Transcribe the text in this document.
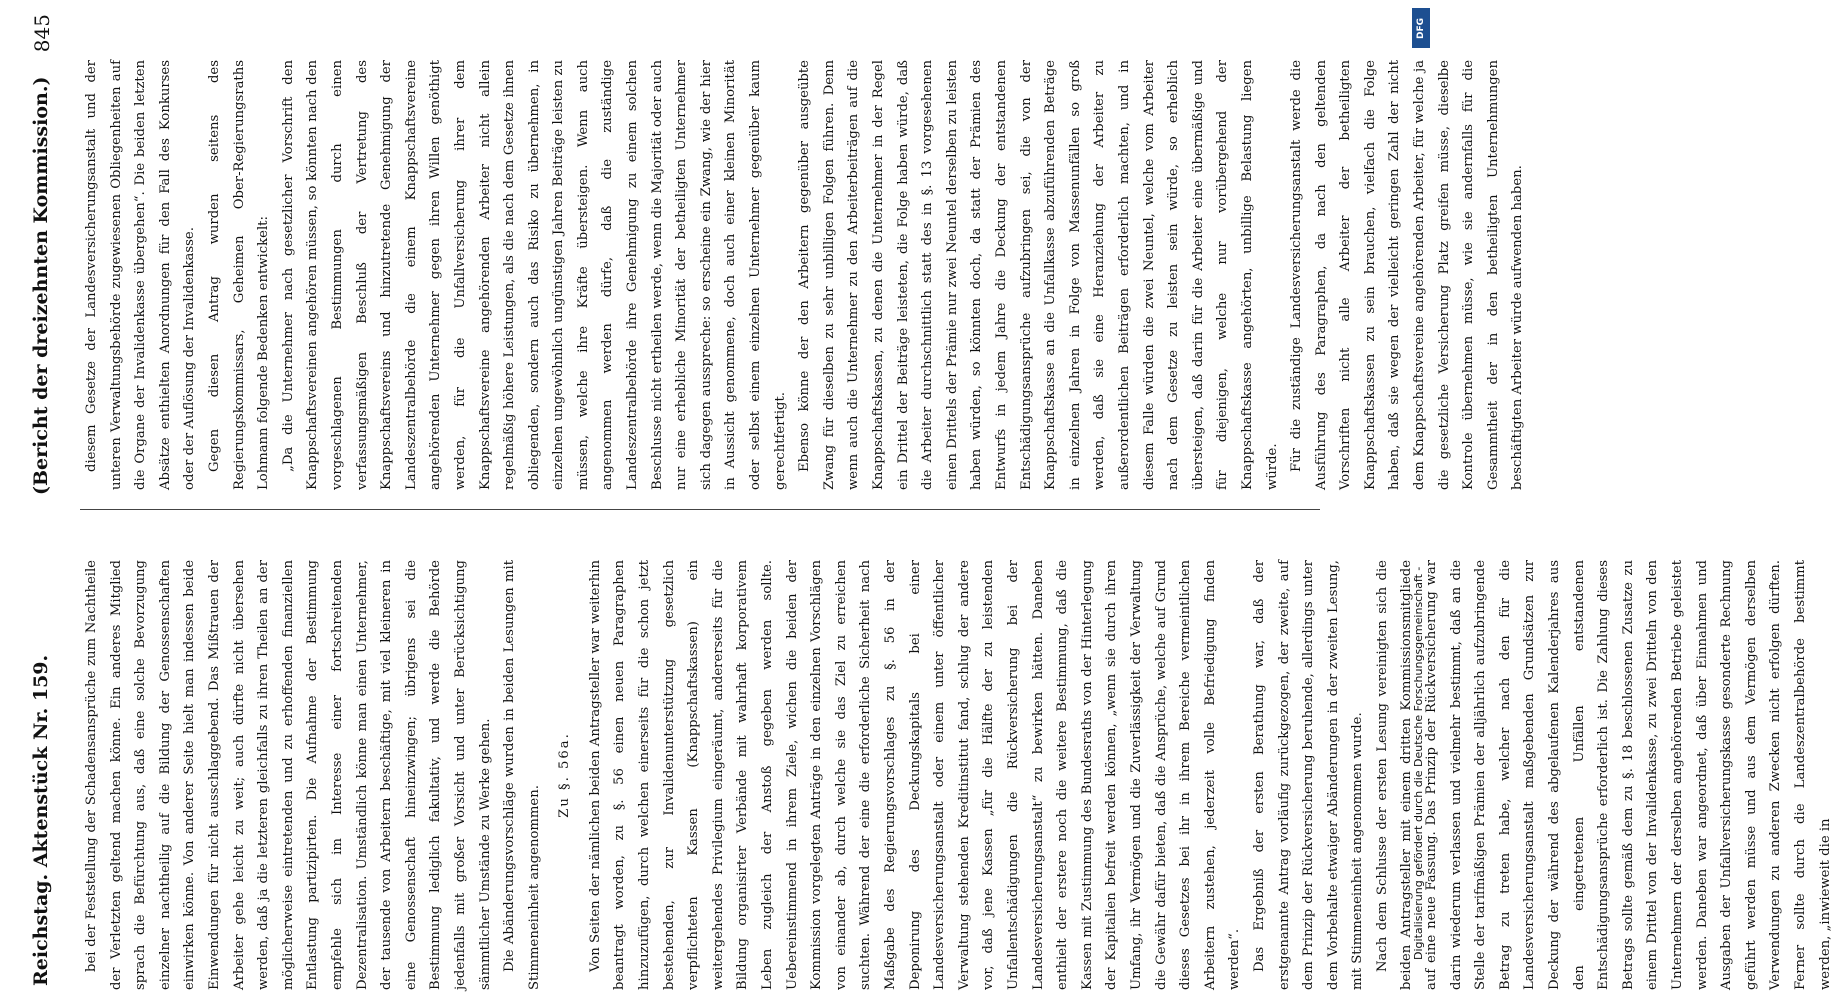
Reichstag. Aktenstück Nr. 159.
(Bericht der dreizehnten Kommission.)
845

bei der Feststellung der Schadensansprüche zum Nachtheile der Verletzten geltend machen könne. Ein anderes Mitglied sprach die Befürchtung aus, daß eine solche Bevorzugung einzelner nachtheilig auf die Bildung der Genossenschaften einwirken könne. Von anderer Seite hielt man indessen beide Einwendungen für nicht ausschlaggebend. Das Mißtrauen der Arbeiter gehe leicht zu weit; auch dürfte nicht übersehen werden, daß ja die letzteren gleichfalls zu ihren Theilen an der möglicherweise eintretenden und zu erhoffenden finanziellen Entlastung partizipirten. Die Aufnahme der Bestimmung empfehle sich im Interesse einer fortschreitenden Dezentralisation. Umständlich könne man einen Unternehmer, der tausende von Arbeitern beschäftige, mit viel kleineren in eine Genossenschaft hineinzwingen; übrigens sei die Bestimmung lediglich fakultativ, und werde die Behörde jedenfalls mit großer Vorsicht und unter Berücksichtigung sämmtlicher Umstände zu Werke gehen. Die Abänderungsvorschläge wurden in beiden Lesungen mit Stimmeneinheit angenommen.

Zu §. 56a.	Von Seiten der nämlichen beiden Antragsteller war weiterhin beantragt worden, zu §. 56 einen neuen Paragraphen hinzuzufügen, durch welchen einerseits für die schon jetzt bestehenden, zur Invalidenunterstützung gesetzlich verpflichteten Kassen (Knappschaftskassen) ein weitergehendes Privilegium eingeräumt, andererseits für die Bildung organisirter Verbände mit wahrhaft korporativem Leben zugleich der Anstoß gegeben werden sollte. Uebereinstimmend in ihrem Ziele, wichen die beiden der Kommission vorgelegten Anträge in den einzelnen Vorschlägen von einander ab, durch welche sie das Ziel zu erreichen suchten. Während der eine die erforderliche Sicherheit nach Maßgabe des Regierungsvorschlages zu §. 56 in der Deponirung des Deckungskapitals bei einer Landesversicherungsanstalt oder einem unter öffentlicher Verwaltung stehenden Kreditinstitut fand, schlug der andere vor, daß jene Kassen „für die Hälfte der zu leistenden Unfallentschädigungen die Rückversicherung bei der Landesversicherungsanstalt“ zu bewirken hätten. Daneben enthielt der erstere noch die weitere Bestimmung, daß die Kassen mit Zustimmung des Bundesraths von der Hinterlegung der Kapitalien befreit werden können, „wenn sie durch ihren Umfang, ihr Vermögen und die Zuverlässigkeit der Verwaltung die Gewähr dafür bieten, daß die Ansprüche, welche auf Grund dieses Gesetzes bei ihr in ihrem Bereiche vermeintlichen Arbeitern zustehen, jederzeit volle Befriedigung finden werden“. Das Ergebniß der ersten Berathung war, daß der erstgenannte Antrag vorläufig zurückgezogen, der zweite, auf dem Prinzip der Rückversicherung beruhende, allerdings unter dem Vorbehalte etwaiger Abänderungen in der zweiten Lesung, mit Stimmeneinheit angenommen wurde. Nach dem Schlusse der ersten Lesung vereinigten sich die beiden Antragsteller mit einem dritten Kommissionsmitgliede auf eine neue Fassung. Das Prinzip der Rückversicherung war darin wiederum verlassen und vielmehr bestimmt, daß an die Stelle der tarifmäßigen Prämien der alljährlich aufzubringende Betrag zu treten habe, welcher nach den für die Landesversicherungsanstalt maßgebenden Grundsätzen zur Deckung der während des abgelaufenen Kalenderjahres aus den eingetretenen Unfällen entstandenen Entschädigungsansprüche erforderlich ist. Die Zahlung dieses Betrags sollte gemäß dem zu §. 18 beschlossenen Zusatze zu einem Drittel von der Invalidenkasse, zu zwei Dritteln von den Unternehmern der derselben angehörenden Betriebe geleistet werden. Daneben war angeordnet, daß über Einnahmen und Ausgaben der Unfallversicherungskasse gesonderte Rechnung geführt werden müsse und aus dem Vermögen derselben Verwendungen zu anderen Zwecken nicht erfolgen dürften. Ferner sollte durch die Landeszentralbehörde bestimmt werden, „inwieweit die in

diesem Gesetze der Landesversicherungsanstalt und der unteren Verwaltungsbehörde zugewiesenen Obliegenheiten auf die Organe der Invalidenkasse übergehen“. Die beiden letzten Absätze enthielten Anordnungen für den Fall des Konkurses oder der Auflösung der Invalidenkasse. Gegen diesen Antrag wurden seitens des Regierungskommissars, Geheimen Ober-Regierungsraths Lohmann folgende Bedenken entwickelt: „Da die Unternehmer nach gesetzlicher Vorschrift den Knappschaftsvereinen angehören müssen, so könnten nach den vorgeschlagenen Bestimmungen durch einen verfassungsmäßigen Beschluß der Vertretung des Knappschaftsvereins und hinzutretende Genehmigung der Landeszentralbehörde die einem Knappschaftsvereine angehörenden Unternehmer gegen ihren Willen genöthigt werden, für die Unfallversicherung ihrer dem Knappschaftsvereine angehörenden Arbeiter nicht allein regelmäßig höhere Leistungen, als die nach dem Gesetze ihnen obliegenden, sondern auch das Risiko zu übernehmen, in einzelnen ungewöhnlich ungünstigen Jahren Beiträge leisten zu müssen, welche ihre Kräfte übersteigen. Wenn auch angenommen werden dürfe, daß die zuständige Landeszentralbehörde ihre Genehmigung zu einem solchen Beschlusse nicht ertheilen werde, wenn die Majorität oder auch nur eine erhebliche Minorität der betheiligten Unternehmer sich dagegen ausspreche: so erscheine ein Zwang, wie der hier in Aussicht genommene, doch auch einer kleinen Minorität oder selbst einem einzelnen Unternehmer gegenüber kaum gerechtfertigt. Ebenso könne der den Arbeitern gegenüber ausgeübte Zwang für dieselben zu sehr unbilligen Folgen führen. Denn wenn auch die Unternehmer zu den Arbeiterbeiträgen auf die Knappschaftskassen, zu denen die Unternehmer in der Regel ein Drittel der Beiträge leisteten, die Folge haben würde, daß die Arbeiter durchschnittlich statt des in §. 13 vorgesehenen einen Drittels der Prämie nur zwei Neuntel derselben zu leisten haben würden, so könnten doch, da statt der Prämien des Entwurfs in jedem Jahre die Deckung der entstandenen Entschädigungsansprüche aufzubringen sei, die von der Knappschaftskasse an die Unfallkasse abzuführenden Beträge in einzelnen Jahren in Folge von Massenunfällen so groß werden, daß sie eine Heranziehung der Arbeiter zu außerordentlichen Beiträgen erforderlich machten, und in diesem Falle würden die zwei Neuntel, welche vom Arbeiter nach dem Gesetze zu leisten sein würde, so erheblich übersteigen, daß darin für die Arbeiter eine übermäßige und für diejenigen, welche nur vorübergehend der Knappschaftskasse angehörten, unbillige Belastung liegen würde. Für die zuständige Landesversicherungsanstalt werde die Ausführung des Paragraphen, da nach den geltenden Vorschriften nicht alle Arbeiter der betheiligten Knappschaftskassen zu sein brauchen, vielfach die Folge haben, daß sie wegen der vielleicht geringen Zahl der nicht dem Knappschaftsvereine angehörenden Arbeiter, für welche ja die gesetzliche Versicherung Platz greifen müsse, dieselbe Kontrole übernehmen müsse, wie sie andernfalls für die Gesammtheit der in den betheiligten Unternehmungen beschäftigten Arbeiter würde aufwenden haben.

DFG
Digitalisierung gefördert durch die Deutsche Forschungsgemeinschaft -
